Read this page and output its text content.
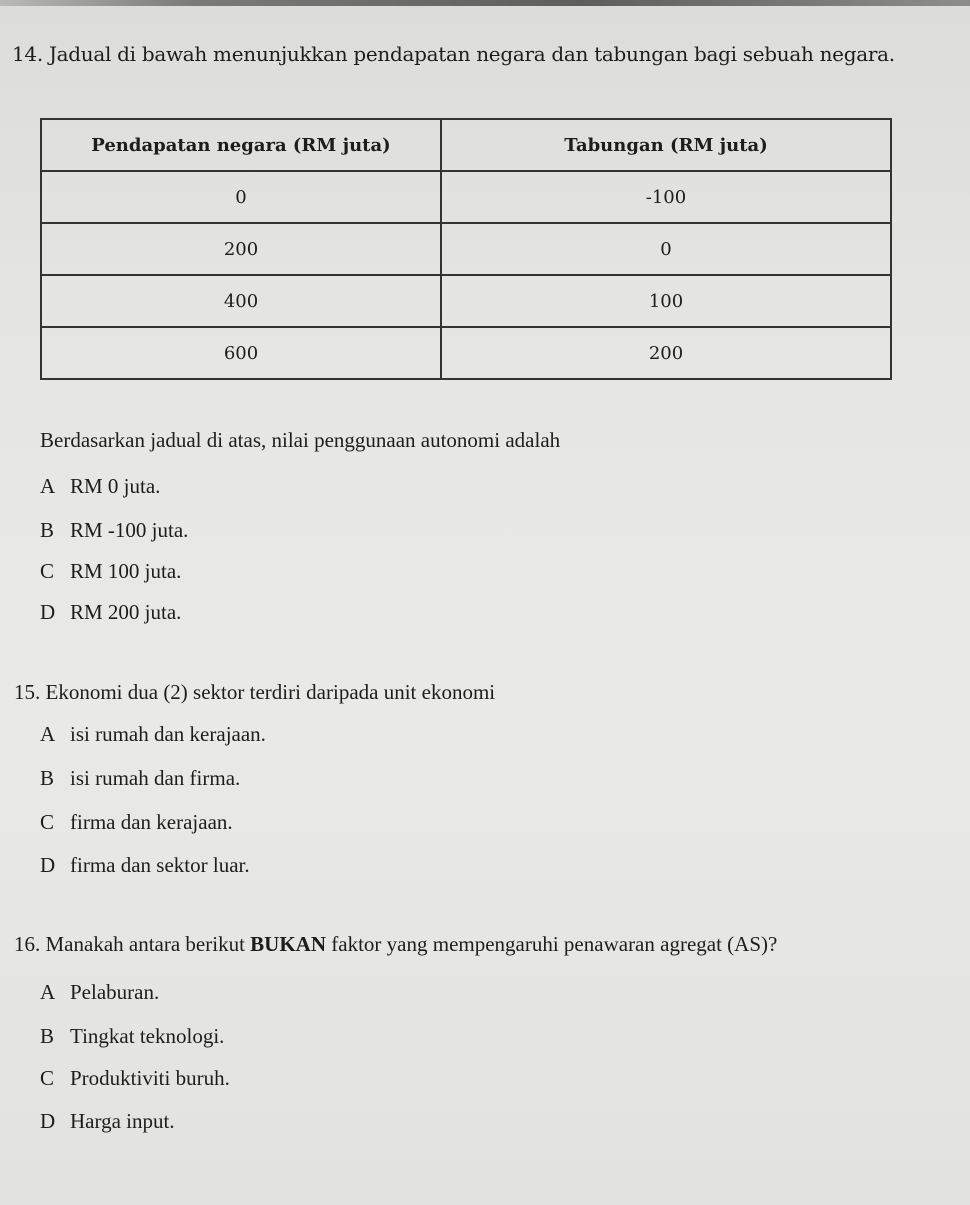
14. Jadual di bawah menunjukkan pendapatan negara dan tabungan bagi sebuah negara.
Pendapatan negara (RM juta)	Tabungan (RM juta)
0	-100
200	0
400	100
600	200
Berdasarkan jadual di atas, nilai penggunaan autonomi adalah
A RM 0 juta.
B RM -100 juta.
C RM 100 juta.
D RM 200 juta.
15. Ekonomi dua (2) sektor terdiri daripada unit ekonomi
A isi rumah dan kerajaan.
B isi rumah dan firma.
C firma dan kerajaan.
D firma dan sektor luar.
16. Manakah antara berikut BUKAN faktor yang mempengaruhi penawaran agregat (AS)?
A Pelaburan.
B Tingkat teknologi.
C Produktiviti buruh.
D Harga input.
